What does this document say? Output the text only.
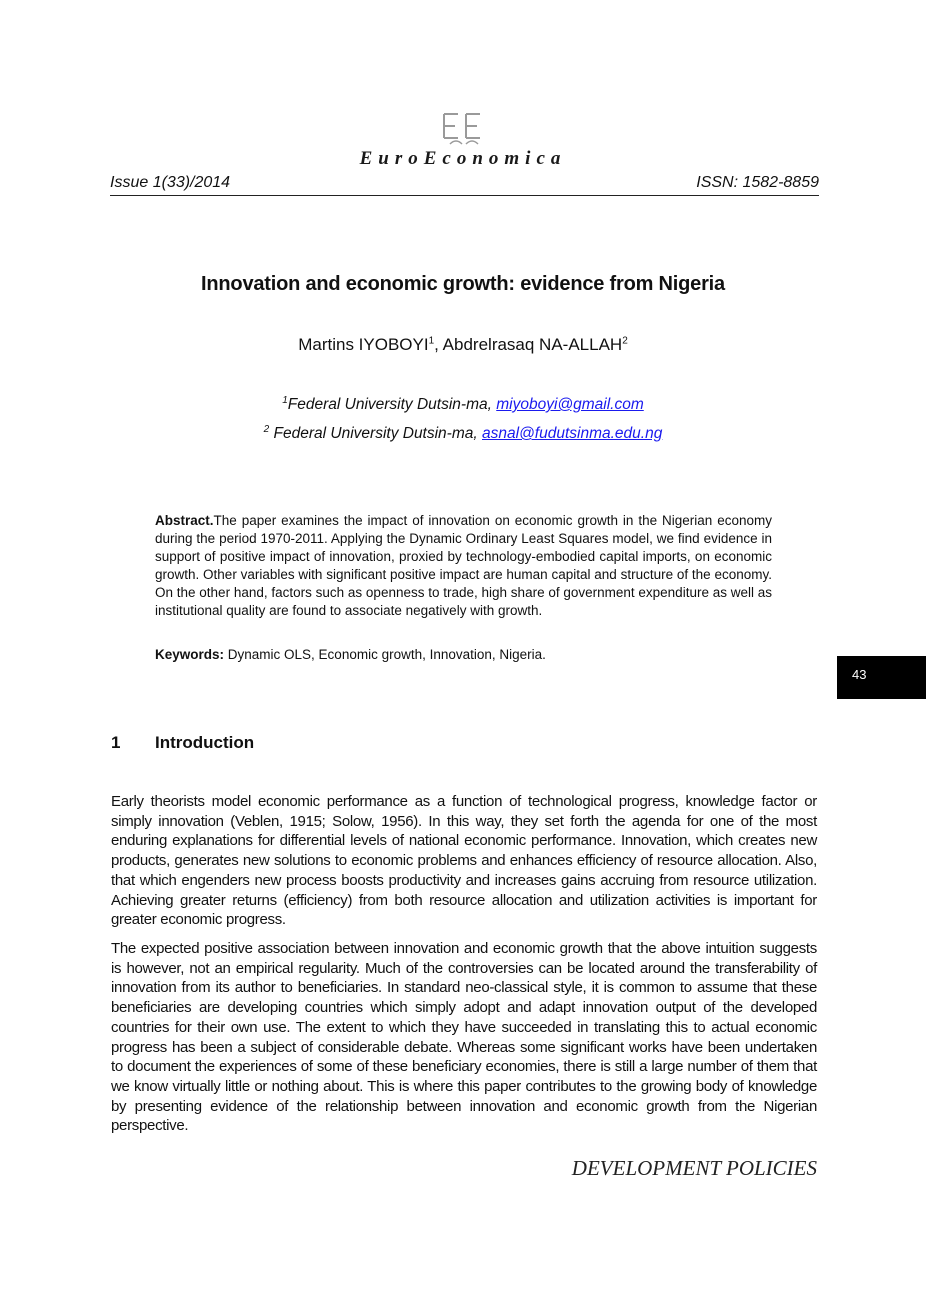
EuroEconomica
Issue 1(33)/2014	ISSN: 1582-8859
Innovation and economic growth: evidence from Nigeria
Martins IYOBOYI$^1$, Abdrelrasaq NA-ALLAH$^2$
$^1$Federal University Dutsin-ma, miyoboyi@gmail.com
$^2$ Federal University Dutsin-ma, asnal@fudutsinma.edu.ng
Abstract.The paper examines the impact of innovation on economic growth in the Nigerian economy during the period 1970-2011. Applying the Dynamic Ordinary Least Squares model, we find evidence in support of positive impact of innovation, proxied by technology-embodied capital imports, on economic growth. Other variables with significant positive impact are human capital and structure of the economy. On the other hand, factors such as openness to trade, high share of government expenditure as well as institutional quality are found to associate negatively with growth.
Keywords: Dynamic OLS, Economic growth, Innovation, Nigeria.
43
1 Introduction

Early theorists model economic performance as a function of technological progress, knowledge factor or simply innovation (Veblen, 1915; Solow, 1956). In this way, they set forth the agenda for one of the most enduring explanations for differential levels of national economic performance. Innovation, which creates new products, generates new solutions to economic problems and enhances efficiency of resource allocation. Also, that which engenders new process boosts productivity and increases gains accruing from resource utilization. Achieving greater returns (efficiency) from both resource allocation and utilization activities is important for greater economic progress.

The expected positive association between innovation and economic growth that the above intuition suggests is however, not an empirical regularity. Much of the controversies can be located around the transferability of innovation from its author to beneficiaries. In standard neo-classical style, it is common to assume that these beneficiaries are developing countries which simply adopt and adapt innovation output of the developed countries for their own use. The extent to which they have succeeded in translating this to actual economic progress has been a subject of considerable debate. Whereas some significant works have been undertaken to document the experiences of some of these beneficiary economies, there is still a large number of them that we know virtually little or nothing about. This is where this paper contributes to the growing body of knowledge by presenting evidence of the relationship between innovation and economic growth from the Nigerian perspective.

DEVELOPMENT POLICIES
